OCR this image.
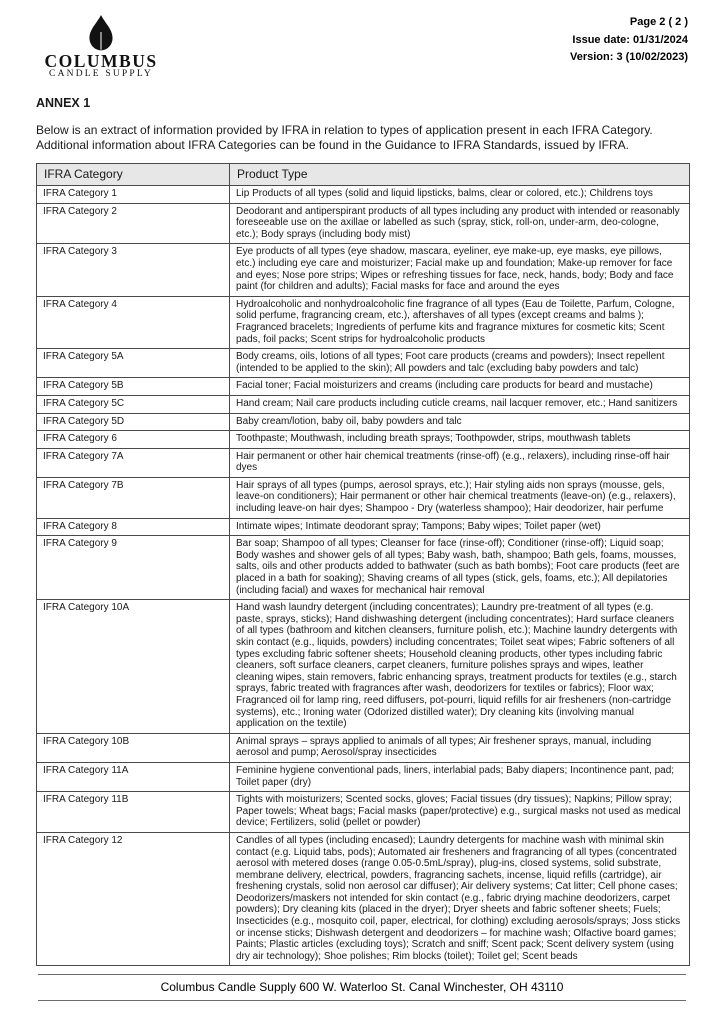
COLUMBUS
CANDLE SUPPLY
Page 2 ( 2 )
Issue date: 01/31/2024
Version: 3 (10/02/2023)
ANNEX 1
Below is an extract of information provided by IFRA in relation to types of application present in each IFRA Category. Additional information about IFRA Categories can be found in the Guidance to IFRA Standards, issued by IFRA.
IFRA Category	Product Type
IFRA Category 1	Lip Products of all types (solid and liquid lipsticks, balms, clear or colored, etc.); Childrens toys
IFRA Category 2	Deodorant and antiperspirant products of all types including any product with intended or reasonably foreseeable use on the axillae or labelled as such (spray, stick, roll-on, under-arm, deo-cologne, etc.); Body sprays (including body mist)
IFRA Category 3	Eye products of all types (eye shadow, mascara, eyeliner, eye make-up, eye masks, eye pillows, etc.) including eye care and moisturizer; Facial make up and foundation; Make-up remover for face and eyes; Nose pore strips; Wipes or refreshing tissues for face, neck, hands, body; Body and face paint (for children and adults); Facial masks for face and around the eyes
IFRA Category 4	Hydroalcoholic and nonhydroalcoholic fine fragrance of all types (Eau de Toilette, Parfum, Cologne, solid perfume, fragrancing cream, etc.), aftershaves of all types (except creams and balms ); Fragranced bracelets; Ingredients of perfume kits and fragrance mixtures for cosmetic kits; Scent pads, foil packs; Scent strips for hydroalcoholic products
IFRA Category 5A	Body creams, oils, lotions of all types; Foot care products (creams and powders); Insect repellent (intended to be applied to the skin); All powders and talc (excluding baby powders and talc)
IFRA Category 5B	Facial toner; Facial moisturizers and creams (including care products for beard and mustache)
IFRA Category 5C	Hand cream; Nail care products including cuticle creams, nail lacquer remover, etc.; Hand sanitizers
IFRA Category 5D	Baby cream/lotion, baby oil, baby powders and talc
IFRA Category 6	Toothpaste; Mouthwash, including breath sprays; Toothpowder, strips, mouthwash tablets
IFRA Category 7A	Hair permanent or other hair chemical treatments (rinse-off) (e.g., relaxers), including rinse-off hair dyes
IFRA Category 7B	Hair sprays of all types (pumps, aerosol sprays, etc.); Hair styling aids non sprays (mousse, gels, leave-on conditioners); Hair permanent or other hair chemical treatments (leave-on) (e.g., relaxers), including leave-on hair dyes; Shampoo - Dry (waterless shampoo); Hair deodorizer, hair perfume
IFRA Category 8	Intimate wipes; Intimate deodorant spray; Tampons; Baby wipes; Toilet paper (wet)
IFRA Category 9	Bar soap; Shampoo of all types; Cleanser for face (rinse-off); Conditioner (rinse-off); Liquid soap; Body washes and shower gels of all types; Baby wash, bath, shampoo; Bath gels, foams, mousses, salts, oils and other products added to bathwater (such as bath bombs); Foot care products (feet are placed in a bath for soaking); Shaving creams of all types (stick, gels, foams, etc.); All depilatories (including facial) and waxes for mechanical hair removal
IFRA Category 10A	Hand wash laundry detergent (including concentrates); Laundry pre-treatment of all types (e.g. paste, sprays, sticks); Hand dishwashing detergent (including concentrates); Hard surface cleaners of all types (bathroom and kitchen cleansers, furniture polish, etc.); Machine laundry detergents with skin contact (e.g., liquids, powders) including concentrates; Toilet seat wipes; Fabric softeners of all types excluding fabric softener sheets; Household cleaning products, other types including fabric cleaners, soft surface cleaners, carpet cleaners, furniture polishes sprays and wipes, leather cleaning wipes, stain removers, fabric enhancing sprays, treatment products for textiles (e.g., starch sprays, fabric treated with fragrances after wash, deodorizers for textiles or fabrics); Floor wax; Fragranced oil for lamp ring, reed diffusers, pot-pourri, liquid refills for air fresheners (non-cartridge systems), etc.; Ironing water (Odorized distilled water); Dry cleaning kits (involving manual application on the textile)
IFRA Category 10B	Animal sprays – sprays applied to animals of all types; Air freshener sprays, manual, including aerosol and pump; Aerosol/spray insecticides
IFRA Category 11A	Feminine hygiene conventional pads, liners, interlabial pads; Baby diapers; Incontinence pant, pad; Toilet paper (dry)
IFRA Category 11B	Tights with moisturizers; Scented socks, gloves; Facial tissues (dry tissues); Napkins; Pillow spray; Paper towels; Wheat bags; Facial masks (paper/protective) e.g., surgical masks not used as medical device; Fertilizers, solid (pellet or powder)
IFRA Category 12	Candles of all types (including encased); Laundry detergents for machine wash with minimal skin contact (e.g. Liquid tabs, pods); Automated air fresheners and fragrancing of all types (concentrated aerosol with metered doses (range 0.05-0.5mL/spray), plug-ins, closed systems, solid substrate, membrane delivery, electrical, powders, fragrancing sachets, incense, liquid refills (cartridge), air freshening crystals, solid non aerosol car diffuser); Air delivery systems; Cat litter; Cell phone cases; Deodorizers/maskers not intended for skin contact (e.g., fabric drying machine deodorizers, carpet powders); Dry cleaning kits (placed in the dryer); Dryer sheets and fabric softener sheets; Fuels; Insecticides (e.g., mosquito coil, paper, electrical, for clothing) excluding aerosols/sprays; Joss sticks or incense sticks; Dishwash detergent and deodorizers – for machine wash; Olfactive board games; Paints; Plastic articles (excluding toys); Scratch and sniff; Scent pack; Scent delivery system (using dry air technology); Shoe polishes; Rim blocks (toilet); Toilet gel; Scent beads
Columbus Candle Supply 600 W. Waterloo St. Canal Winchester, OH 43110
